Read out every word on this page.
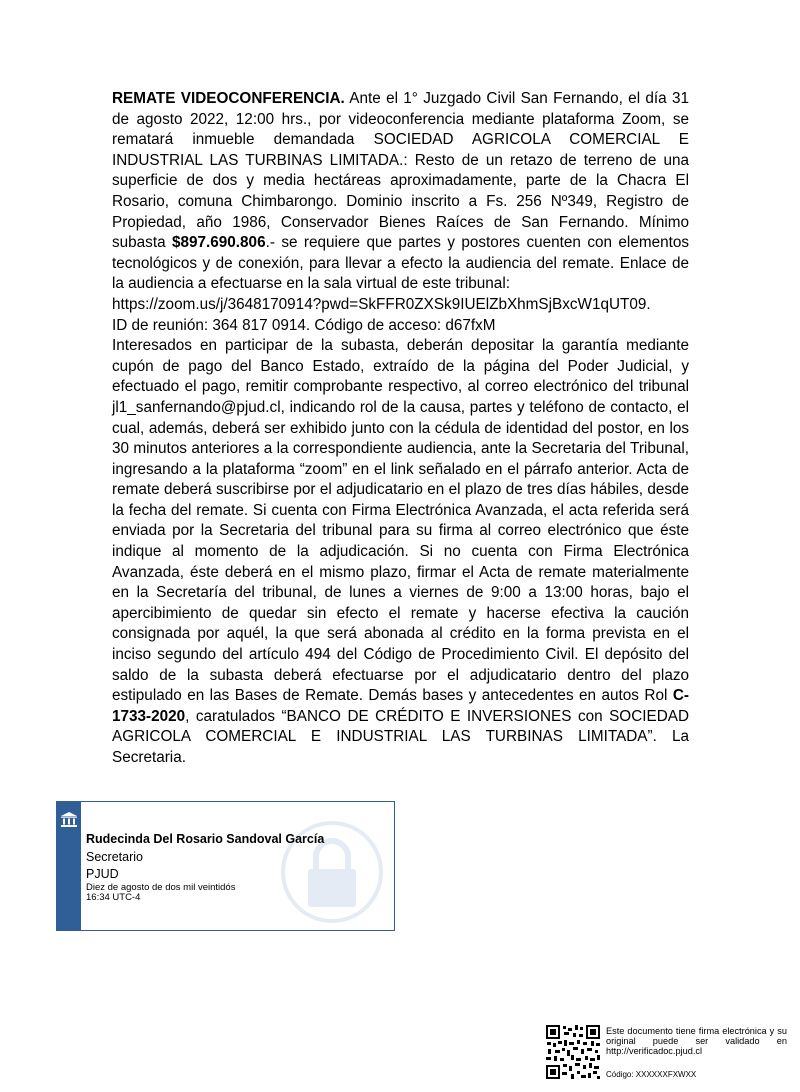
REMATE VIDEOCONFERENCIA. Ante el 1° Juzgado Civil San Fernando, el día 31 de agosto 2022, 12:00 hrs., por videoconferencia mediante plataforma Zoom, se rematará inmueble demandada SOCIEDAD AGRICOLA COMERCIAL E INDUSTRIAL LAS TURBINAS LIMITADA.: Resto de un retazo de terreno de una superficie de dos y media hectáreas aproximadamente, parte de la Chacra El Rosario, comuna Chimbarongo. Dominio inscrito a Fs. 256 Nº349, Registro de Propiedad, año 1986, Conservador Bienes Raíces de San Fernando. Mínimo subasta $897.690.806.- se requiere que partes y postores cuenten con elementos tecnológicos y de conexión, para llevar a efecto la audiencia del remate. Enlace de la audiencia a efectuarse en la sala virtual de este tribunal:

https://zoom.us/j/3648170914?pwd=SkFFR0ZXSk9IUElZbXhmSjBxcW1qUT09.

ID de reunión: 364 817 0914. Código de acceso: d67fxM

Interesados en participar de la subasta, deberán depositar la garantía mediante cupón de pago del Banco Estado, extraído de la página del Poder Judicial, y efectuado el pago, remitir comprobante respectivo, al correo electrónico del tribunal jl1_sanfernando@pjud.cl, indicando rol de la causa, partes y teléfono de contacto, el cual, además, deberá ser exhibido junto con la cédula de identidad del postor, en los 30 minutos anteriores a la correspondiente audiencia, ante la Secretaria del Tribunal, ingresando a la plataforma “zoom” en el link señalado en el párrafo anterior. Acta de remate deberá suscribirse por el adjudicatario en el plazo de tres días hábiles, desde la fecha del remate. Si cuenta con Firma Electrónica Avanzada, el acta referida será enviada por la Secretaria del tribunal para su firma al correo electrónico que éste indique al momento de la adjudicación. Si no cuenta con Firma Electrónica Avanzada, éste deberá en el mismo plazo, firmar el Acta de remate materialmente en la Secretaría del tribunal, de lunes a viernes de 9:00 a 13:00 horas, bajo el apercibimiento de quedar sin efecto el remate y hacerse efectiva la caución consignada por aquél, la que será abonada al crédito en la forma prevista en el inciso segundo del artículo 494 del Código de Procedimiento Civil. El depósito del saldo de la subasta deberá efectuarse por el adjudicatario dentro del plazo estipulado en las Bases de Remate. Demás bases y antecedentes en autos Rol C-1733-2020, caratulados “BANCO DE CRÉDITO E INVERSIONES con SOCIEDAD AGRICOLA COMERCIAL E INDUSTRIAL LAS TURBINAS LIMITADA”. La Secretaria.

Rudecinda Del Rosario Sandoval García
Secretario
PJUD
Diez de agosto de dos mil veintidós
16:34 UTC-4
Este documento tiene firma electrónica y su original puede ser validado en http://verificadoc.pjud.cl
Código: XXXXXXFXWXX
